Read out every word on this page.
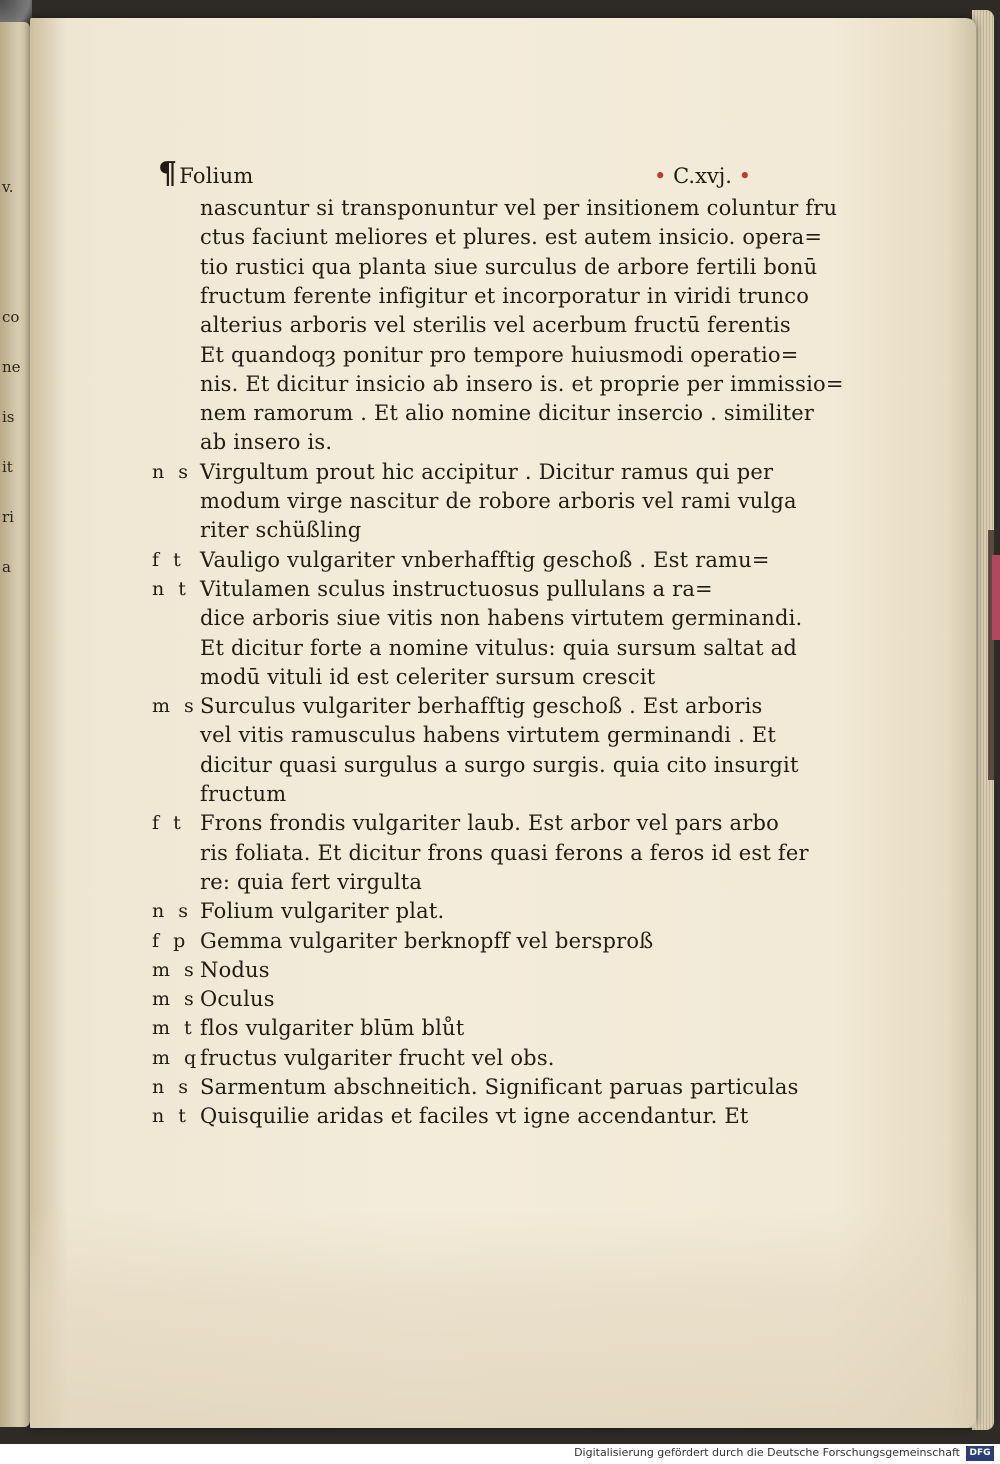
v.
co
ne
is
it
ri
a
¶Folium	• C.xvj. •
nascuntur si transponuntur vel per insitionem coluntur fru
ctus faciunt meliores et plures. est autem insicio. opera=
tio rustici qua planta siue surculus de arbore fertili bonū
fructum ferente infigitur et incorporatur in viridi trunco
alterius arboris vel sterilis vel acerbum fructū ferentis
Et quandoqȝ ponitur pro tempore huiusmodi operatio=
nis. Et dicitur insicio ab insero is. et proprie per immissio=
nem ramorum . Et alio nomine dicitur insercio . similiter
ab insero is.
n s Virgultum prout hic accipitur . Dicitur ramus qui per
modum virge nascitur de robore arboris vel rami vulga
riter schüßling
f t Vauligo vulgariter vnberhafftig geschoß . Est ramu=
n t Vitulamen sculus instructuosus pullulans a ra=
dice arboris siue vitis non habens virtutem germinandi.
Et dicitur forte a nomine vitulus: quia sursum saltat ad
modū vituli id est celeriter sursum crescit
m s Surculus vulgariter berhafftig geschoß . Est arboris
vel vitis ramusculus habens virtutem germinandi . Et
dicitur quasi surgulus a surgo surgis. quia cito insurgit
fructum
f t Frons frondis vulgariter laub. Est arbor vel pars arbo
ris foliata. Et dicitur frons quasi ferons a feros id est fer
re: quia fert virgulta
n s Folium vulgariter plat.
f p Gemma vulgariter berknopff vel bersproß
m s Nodus
m s Oculus
m t flos vulgariter blūm blůt
m q fructus vulgariter frucht vel obs.
n s Sarmentum abschneitich. Significant paruas particulas
n t Quisquilie aridas et faciles vt igne accendantur. Et
Digitalisierung gefördert durch die Deutsche Forschungsgemeinschaft	DFG
